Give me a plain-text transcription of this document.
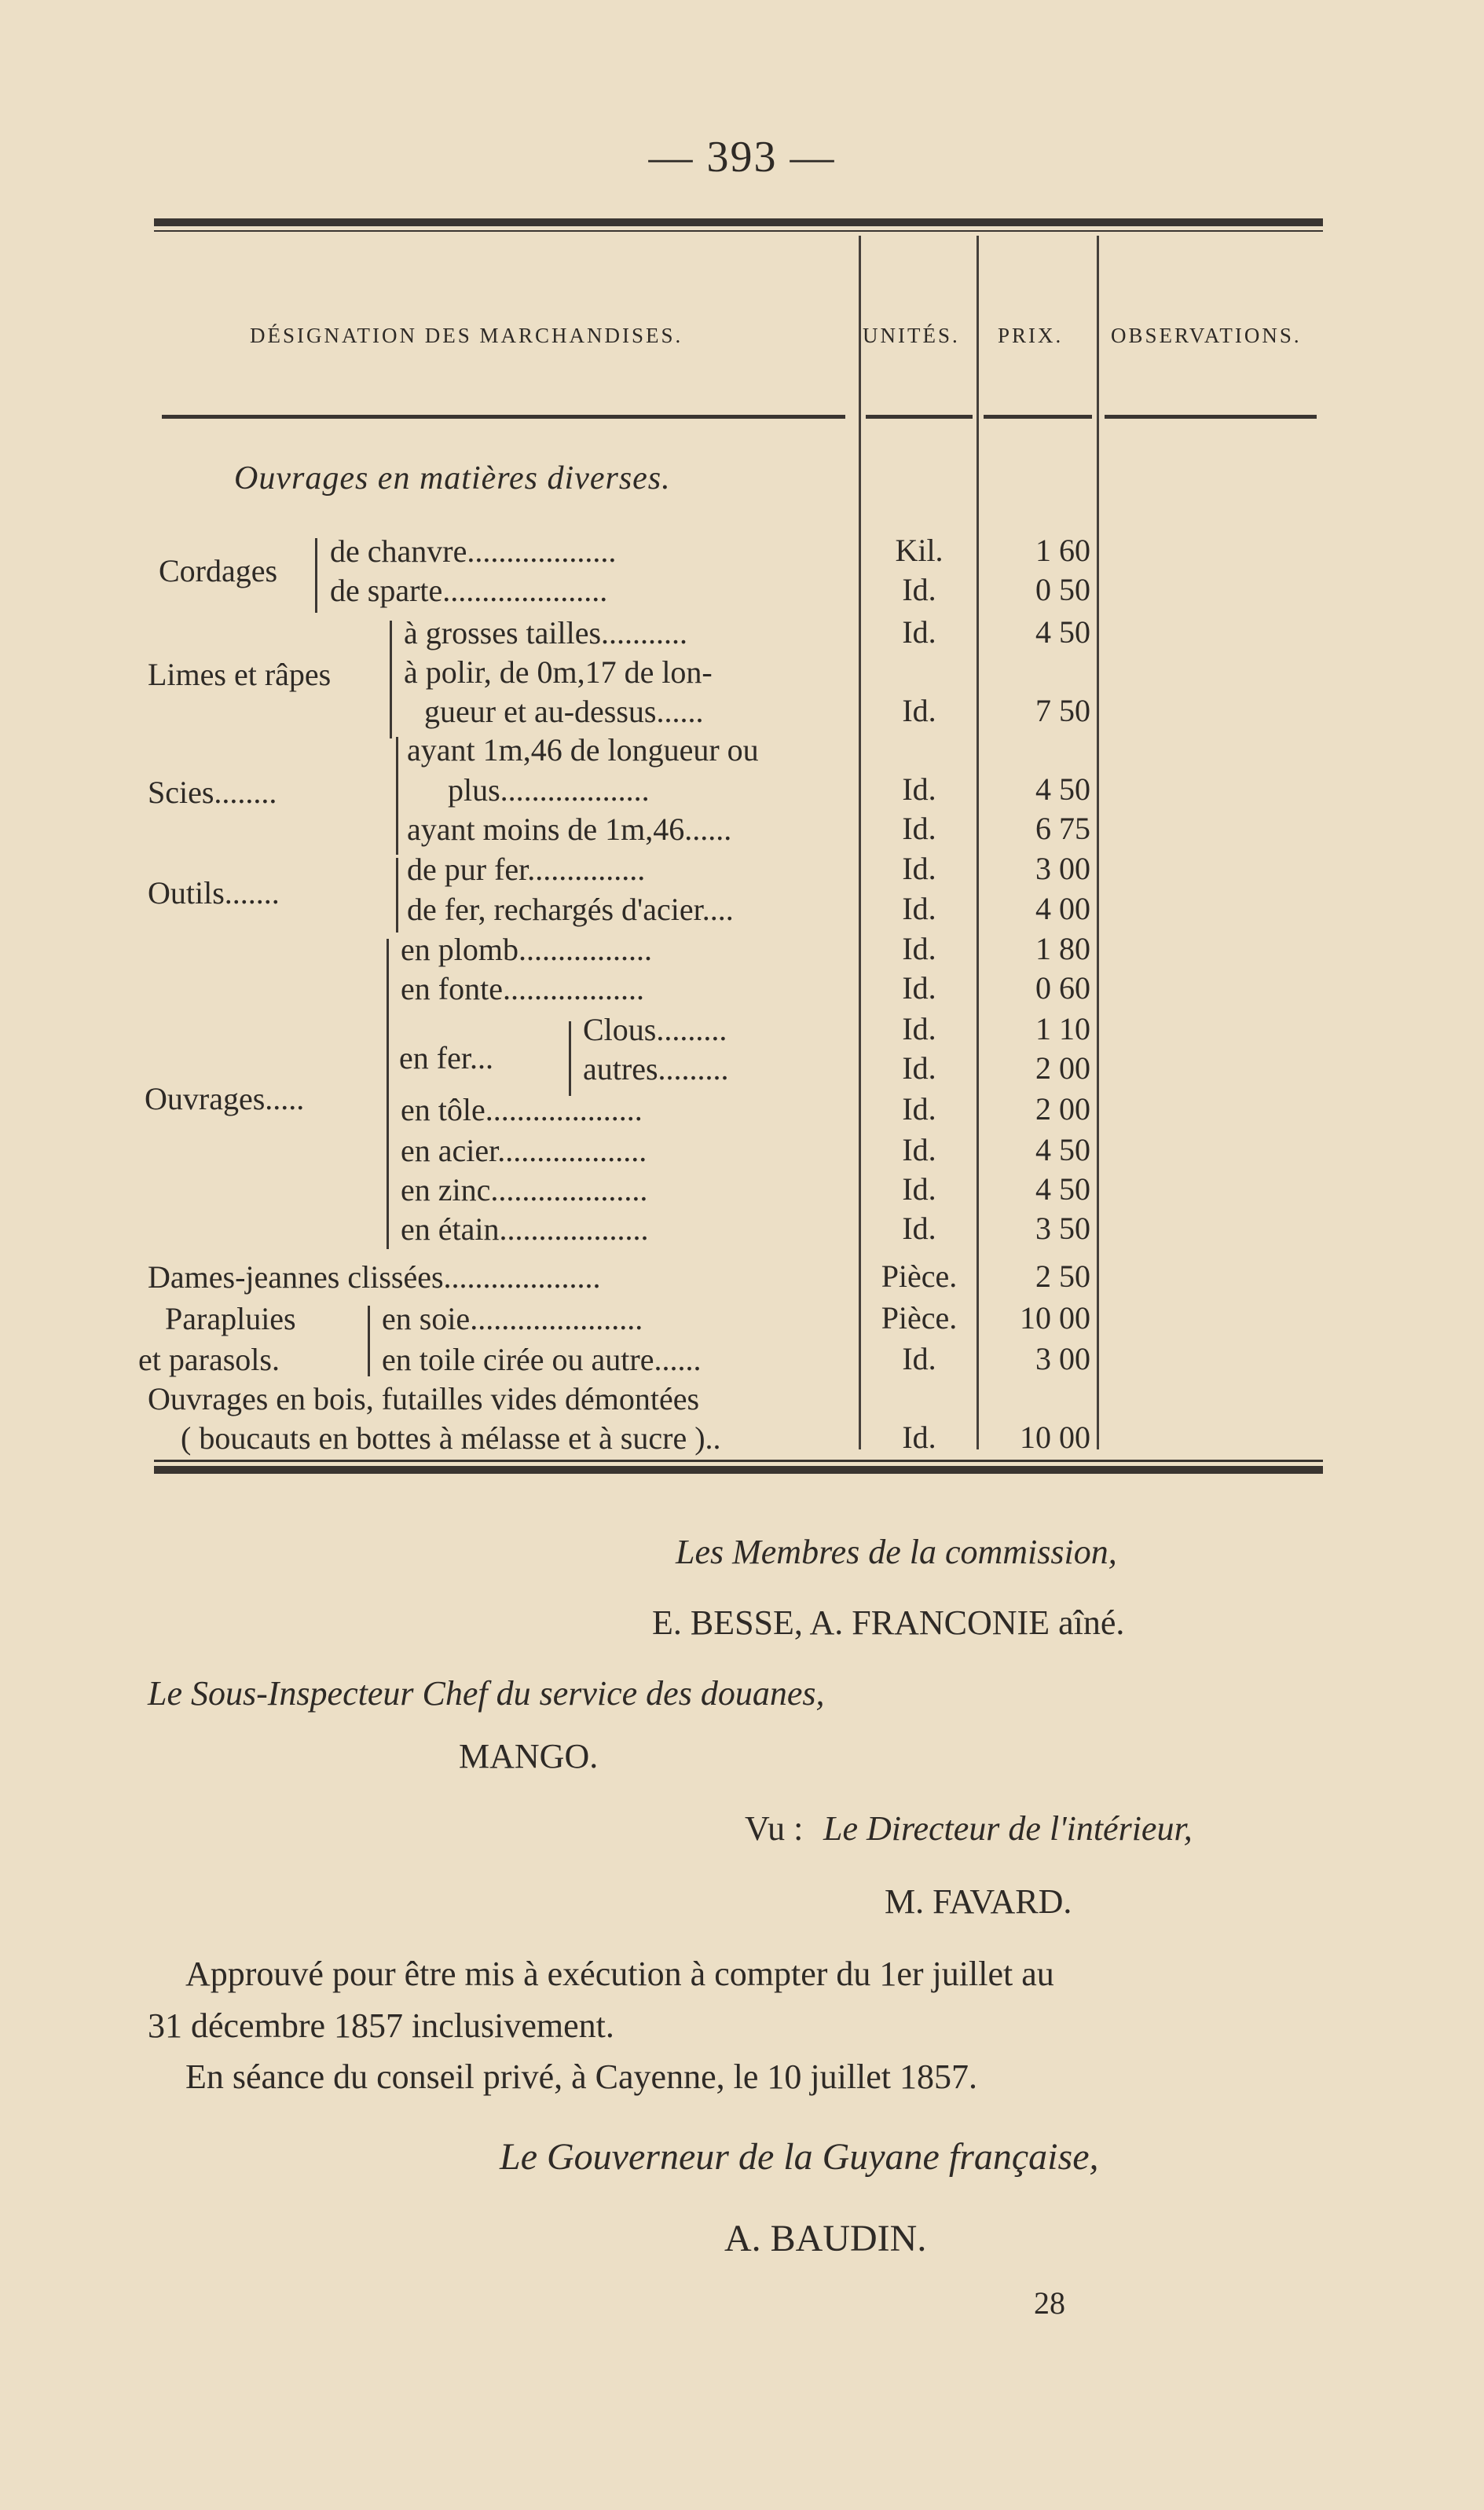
— 393 —
DÉSIGNATION DES MARCHANDISES.	UNITÉS. PRIX. OBSERVATIONS.
Ouvrages en matières diverses.
Cordages
Limes et râpes
Scies........
Outils.......
Ouvrages.....
en fer...
Parapluies
et parasols.
de chanvre...................
de sparte.....................
à grosses tailles...........
à polir, de 0m,17 de lon-
gueur et au-dessus......
ayant 1m,46 de longueur ou
plus...................
ayant moins de 1m,46......
de pur fer...............
de fer, rechargés d'acier....
en plomb.................
en fonte..................
Clous.........
autres.........
en tôle....................
en acier...................
en zinc....................
en étain...................
Dames-jeannes clissées....................
en soie......................
en toile cirée ou autre......
Ouvrages en bois, futailles vides démontées
( boucauts en bottes à mélasse et à sucre )..
Kil.
Id.
Id.
Id.
Id.
Id.
Id.
Id.
Id.
Id.
Id.
Id.
Id.
Id.
Id.
Id.
Pièce.
Pièce.
Id.
Id.
1 60
0 50
4 50
7 50
4 50
6 75
3 00
4 00
1 80
0 60
1 10
2 00
2 00
4 50
4 50
3 50
2 50
10 00
3 00
10 00
Les Membres de la commission,
E. BESSE, A. FRANCONIE aîné.
Le Sous-Inspecteur Chef du service des douanes,
MANGO.
Vu : Le Directeur de l'intérieur,
M. FAVARD.
Approuvé pour être mis à exécution à compter du 1er juillet au
31 décembre 1857 inclusivement.
En séance du conseil privé, à Cayenne, le 10 juillet 1857.
Le Gouverneur de la Guyane française,
A. BAUDIN.
28
